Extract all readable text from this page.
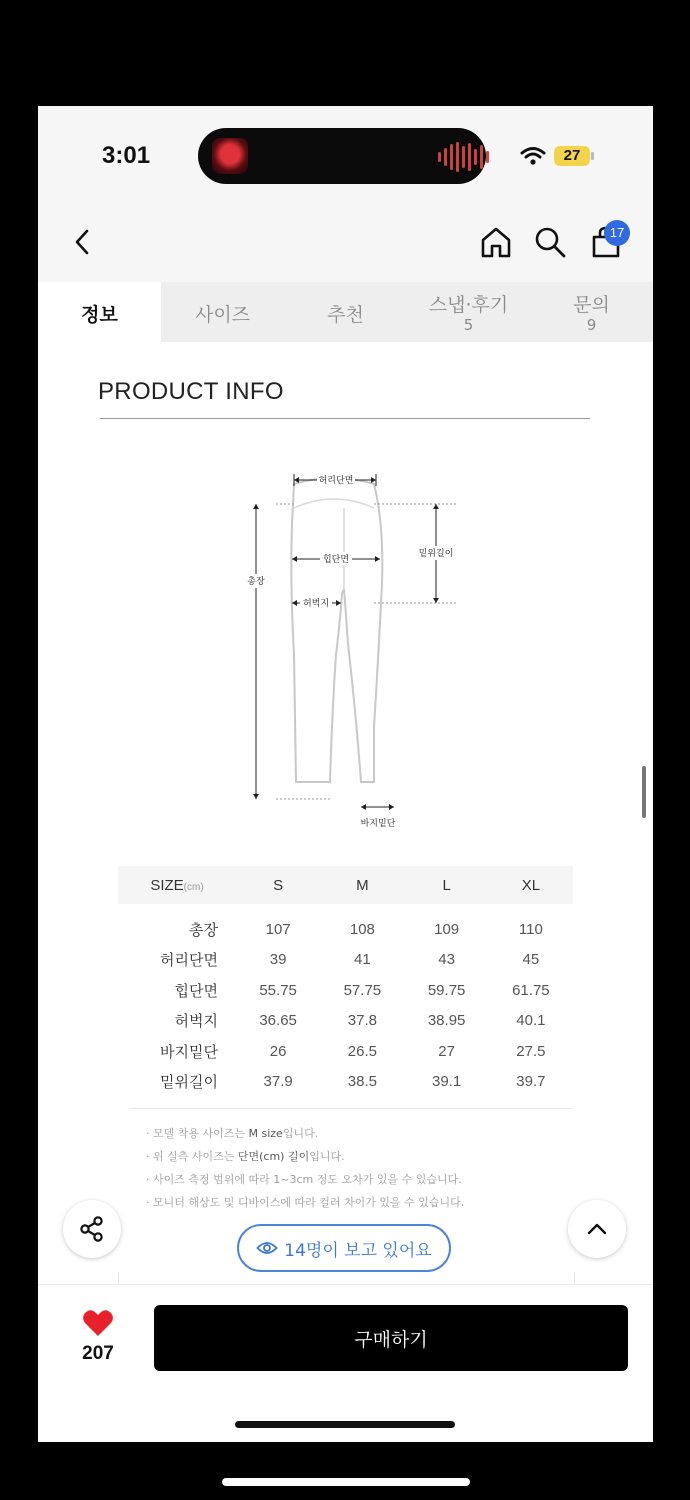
3:01	27
17
정보	사이즈	추천	스냅·후기
5
문의
9
PRODUCT INFO
허리단면
힙단면
허벅지
밑위길이
총장
바지밑단
SIZE(cm)	S	M	L	XL
총장	107	108	109	110
허리단면	39	41	43	45
힙단면	55.75	57.75	59.75	61.75
허벅지	36.65	37.8	38.95	40.1
바지밑단	26	26.5	27	27.5
밑위길이	37.9	38.5	39.1	39.7
· 모델 착용 사이즈는 M size입니다.
· 위 실측 사이즈는 단면(cm) 길이입니다.
· 사이즈 측정 범위에 따라 1~3cm 정도 오차가 있을 수 있습니다.
· 모니터 해상도 및 디바이스에 따라 컬러 차이가 있을 수 있습니다.
14명이 보고 있어요
207
구매하기
